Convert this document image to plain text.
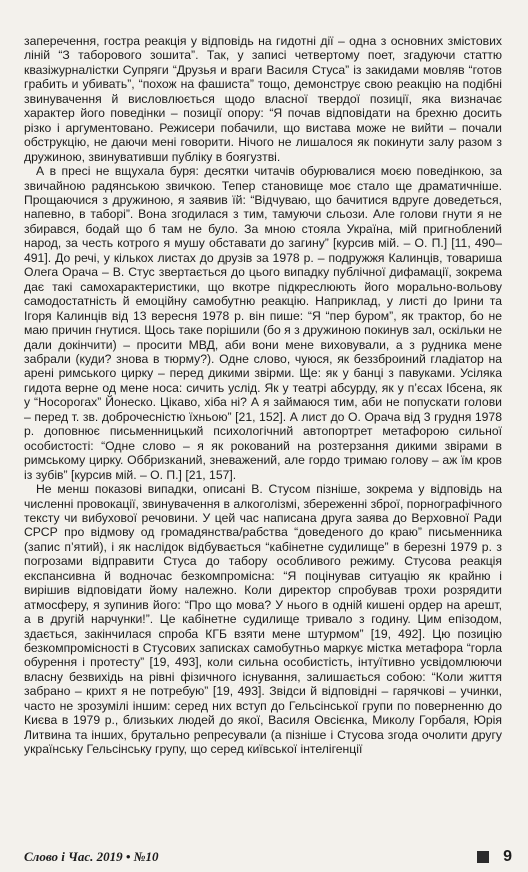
заперечення, гостра реакція у відповідь на гидотні дії – одна з основних змістових ліній “З таборового зошита”. Так, у записі четвертому поет, згадуючи статтю квазіжурналістки Супряги “Друзья и враги Василя Стуса” із закидами мовляв “готов грабить и убивать”, “похож на фашиста” тощо, демонструє свою реакцію на подібні звинувачення й висловлюється щодо власної твердої позиції, яка визначає характер його поведінки – позиції опору: “Я почав відповідати на брехню досить різко і аргументовано. Режисери побачили, що вистава може не вийти – почали обструкцію, не даючи мені говорити. Нічого не лишалося як покинути залу разом з дружиною, звинувативши публіку в боягузтві.

А в пресі не вщухала буря: десятки читачів обурювалися моєю поведінкою, за звичайною радянською звичкою. Тепер становище моє стало ще драматичніше. Прощаючися з дружиною, я заявив їй: “Відчуваю, що бачитися вдруге доведеться, напевно, в таборі”. Вона згодилася з тим, тамуючи сльози. Але голови гнути я не збирався, бодай що б там не було. За мною стояла Україна, мій пригноблений народ, за честь котрого я мушу обставати до загину” [курсив мій. – О. П.] [11, 490–491]. До речі, у кількох листах до друзів за 1978 р. – подружжя Калинців, товариша Олега Орача – В. Стус звертається до цього випадку публічної дифамації, зокрема дає такі самохарактеристики, що вкотре підкреслюють його морально-вольову самодостатність й емоційну самобутню реакцію. Наприклад, у листі до Ірини та Ігоря Калинців від 13 вересня 1978 р. він пише: “Я “пер буром”, як трактор, бо не маю причин гнутися. Щось таке порішили (бо я з дружиною покинув зал, оскільки не дали докінчити) – просити МВД, аби вони мене виховували, а з рудника мене забрали (куди? знова в тюрму?). Одне слово, чуюся, як беззброиний гладіатор на арені римського цирку – перед дикими звірми. Ще: як у банці з павуками. Усіляка гидота верне од мене носа: сичить услід. Як у театрі абсурду, як у п’єсах Ібсена, як у “Носорогах” Йонеско. Цікаво, хіба ні? А я займаюся тим, аби не попускати голови – перед т. зв. доброчесністю їхньою” [21, 152]. А лист до О. Орача від 3 грудня 1978 р. доповнює письменницький психологічний автопортрет метафорою сильної особистості: “Одне слово – я як рокований на розтерзання дикими звірами в римському цирку. Оббризканий, зневажений, але гордо тримаю голову – аж їм кров із зубів” [курсив мій. – О. П.] [21, 157].

Не менш показові випадки, описані В. Стусом пізніше, зокрема у відповідь на численні провокації, звинувачення в алкоголізмі, збереженні зброї, порнографічного тексту чи вибухової речовини. У цей час написана друга заява до Верховної Ради СРСР про відмову од громадянства/рабства “доведеного до краю” письменника (запис п’ятий), і як наслідок відбувається “кабінетне судилище” в березні 1979 р. з погрозами відправити Стуса до табору особливого режиму. Стусова реакція експансивна й водночас безкомпромісна: “Я поцінував ситуацію як крайню і вирішив відповідати йому належно. Коли директор спробував трохи розрядити атмосферу, я зупинив його: “Про що мова? У нього в одній кишені ордер на арешт, а в другій нарчунки!”. Це кабінетне судилище тривало з годину. Цим епізодом, здається, закінчилася спроба КГБ взяти мене штурмом” [19, 492]. Цю позицію безкомпромісності в Стусових записках самобутньо маркує містка метафора “горла обурення і протесту” [19, 493], коли сильна особистість, інтуїтивно усвідомлюючи власну безвихідь на рівні фізичного існування, залишається собою: “Коли життя забрано – крихт я не потребую” [19, 493]. Звідси й відповідні – гарячкові – учинки, часто не зрозумілі іншим: серед них вступ до Гельсінської групи по поверненню до Києва в 1979 р., близьких людей до якої, Василя Овсієнка, Миколу Горбаля, Юрія Литвина та інших, брутально репресували (а пізніше і Стусова згода очолити другу українську Гельсінську групу, що серед київської інтелігенції

Слово і Час. 2019 • №10	9
